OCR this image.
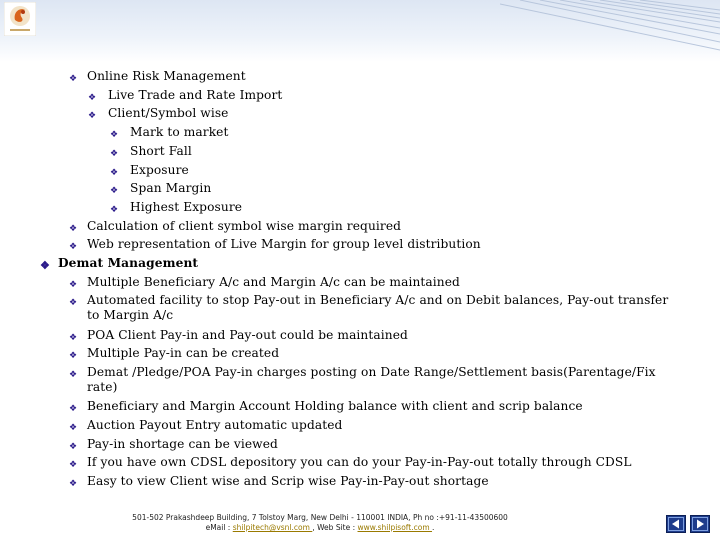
❖ Online Risk Management
❖ Live Trade and Rate Import
❖ Client/Symbol wise
❖ Mark to market
❖ Short Fall
❖ Exposure
❖ Span Margin
❖ Highest Exposure
❖ Calculation of client symbol wise margin required
❖ Web representation of Live Margin for group level distribution
❖ Demat Management
❖ Multiple Beneficiary A/c and Margin A/c can be maintained
❖ Automated facility to stop Pay-out in Beneficiary A/c and on Debit balances, Pay-out transfer
to Margin A/c
❖ POA Client Pay-in and Pay-out could be maintained
❖ Multiple Pay-in can be created
❖ Demat /Pledge/POA Pay-in charges posting on Date Range/Settlement basis(Parentage/Fix
rate)
❖ Beneficiary and Margin Account Holding balance with client and scrip balance
❖ Auction Payout Entry automatic updated
❖ Pay-in shortage can be viewed
❖ If you have own CDSL depository you can do your Pay-in-Pay-out totally through CDSL
❖ Easy to view Client wise and Scrip wise Pay-in-Pay-out shortage
501-502 Prakashdeep Building, 7 Tolstoy Marg, New Delhi - 110001 INDIA, Ph no :+91-11-43500600
eMail : shilpitech@vsnl.com , Web Site : www.shilpisoft.com .
